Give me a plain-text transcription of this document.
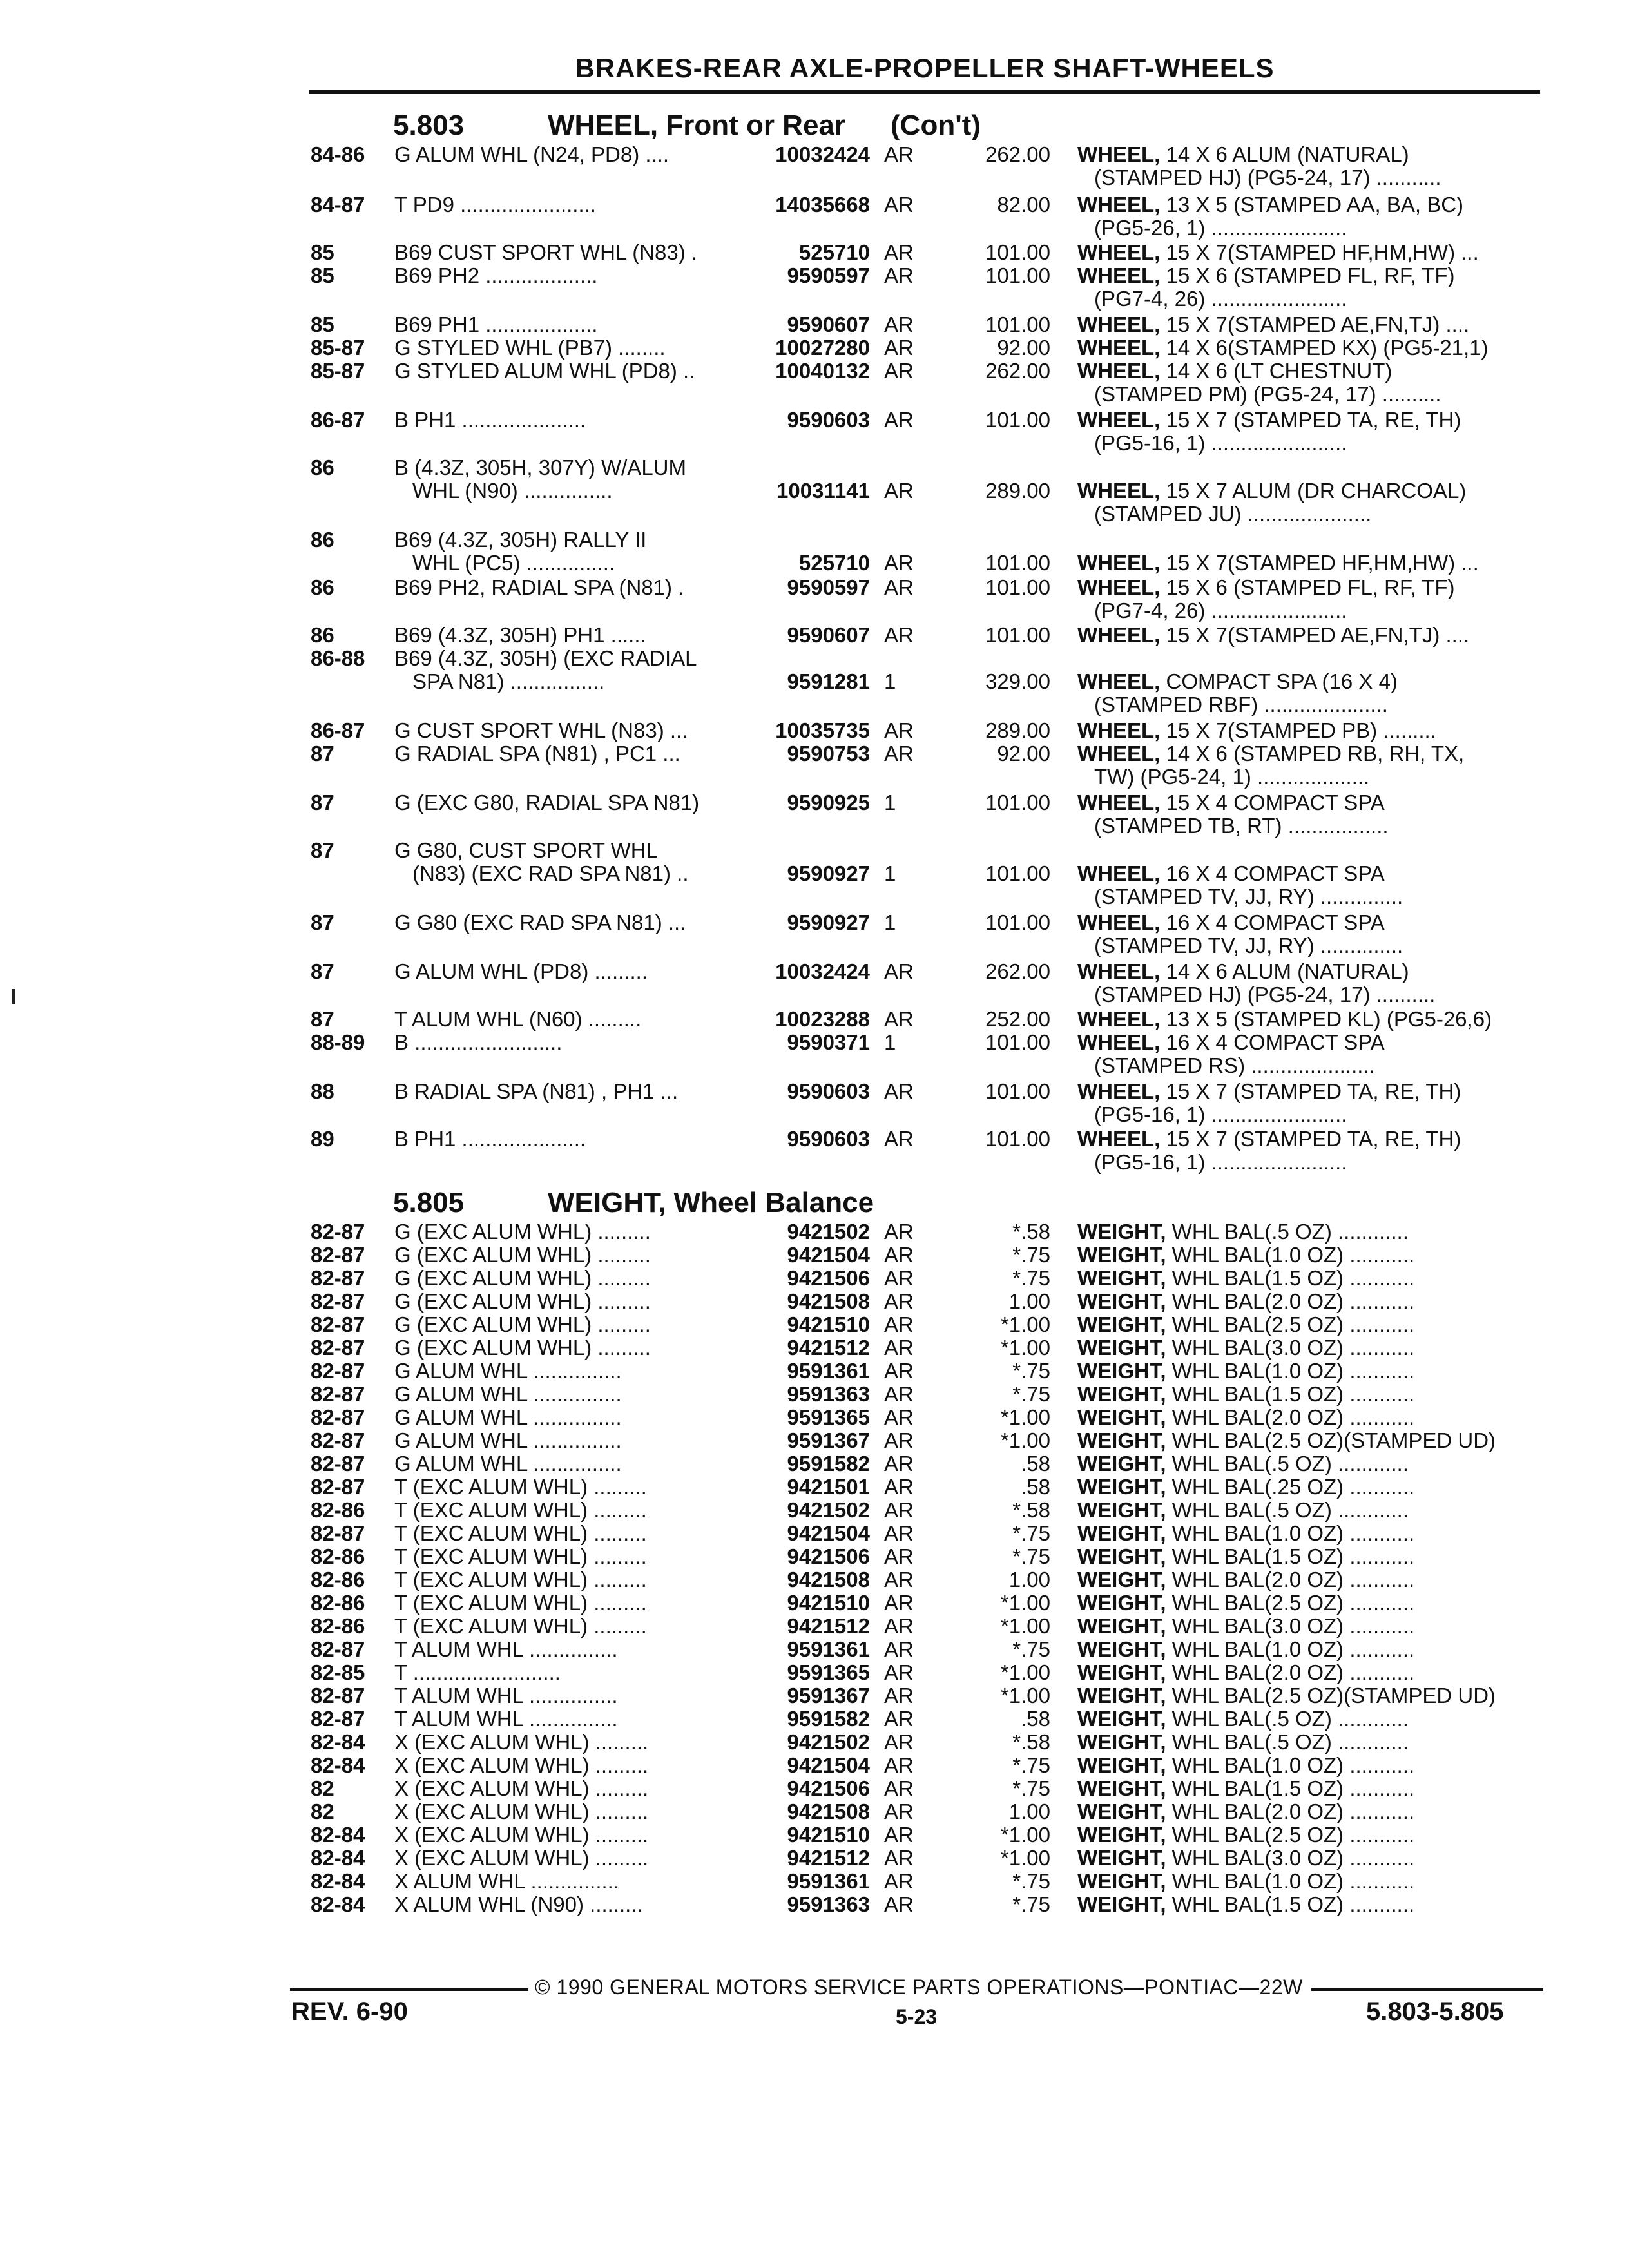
BRAKES-REAR AXLE-PROPELLER SHAFT-WHEELS
5.803	WHEEL, Front or Rear (Con't)
84-86 G ALUM WHL (N24, PD8) ....	10032424 AR	262.00 WHEEL, 14 X 6 ALUM (NATURAL)
(STAMPED HJ) (PG5-24, 17) ...........
84-87 T PD9 .......................	14035668 AR	82.00 WHEEL, 13 X 5 (STAMPED AA, BA, BC)
(PG5-26, 1) .......................
85	B69 CUST SPORT WHL (N83) .	525710 AR	101.00 WHEEL, 15 X 7(STAMPED HF,HM,HW) ...
85	B69 PH2 ...................	9590597 AR	101.00 WHEEL, 15 X 6 (STAMPED FL, RF, TF)
(PG7-4, 26) .......................
85	B69 PH1 ...................	9590607 AR	101.00 WHEEL, 15 X 7(STAMPED AE,FN,TJ) ....
85-87 G STYLED WHL (PB7) ........	10027280 AR	92.00 WHEEL, 14 X 6(STAMPED KX) (PG5-21,1)
85-87 G STYLED ALUM WHL (PD8) ..	10040132 AR	262.00 WHEEL, 14 X 6 (LT CHESTNUT)
(STAMPED PM) (PG5-24, 17) ..........
86-87 B PH1 .....................	9590603 AR	101.00 WHEEL, 15 X 7 (STAMPED TA, RE, TH)
(PG5-16, 1) .......................
86	B (4.3Z, 305H, 307Y) W/ALUM
WHL (N90) ...............	10031141 AR	289.00 WHEEL, 15 X 7 ALUM (DR CHARCOAL)
(STAMPED JU) .....................
86	B69 (4.3Z, 305H) RALLY II
WHL (PC5) ...............	525710 AR	101.00 WHEEL, 15 X 7(STAMPED HF,HM,HW) ...
86	B69 PH2, RADIAL SPA (N81) .	9590597 AR	101.00 WHEEL, 15 X 6 (STAMPED FL, RF, TF)
(PG7-4, 26) .......................
86	B69 (4.3Z, 305H) PH1 ......	9590607 AR	101.00 WHEEL, 15 X 7(STAMPED AE,FN,TJ) ....
86-88 B69 (4.3Z, 305H) (EXC RADIAL
SPA N81) ................	9591281 1	329.00 WHEEL, COMPACT SPA (16 X 4)
(STAMPED RBF) .....................
86-87 G CUST SPORT WHL (N83) ...	10035735 AR	289.00 WHEEL, 15 X 7(STAMPED PB) .........
87	G RADIAL SPA (N81) , PC1 ...	9590753 AR	92.00 WHEEL, 14 X 6 (STAMPED RB, RH, TX,
TW) (PG5-24, 1) ...................
87	G (EXC G80, RADIAL SPA N81)	9590925 1	101.00 WHEEL, 15 X 4 COMPACT SPA
(STAMPED TB, RT) .................
87	G G80, CUST SPORT WHL
(N83) (EXC RAD SPA N81) ..	9590927 1	101.00 WHEEL, 16 X 4 COMPACT SPA
(STAMPED TV, JJ, RY) ..............
87	G G80 (EXC RAD SPA N81) ...	9590927 1	101.00 WHEEL, 16 X 4 COMPACT SPA
(STAMPED TV, JJ, RY) ..............
87	G ALUM WHL (PD8) .........	10032424 AR	262.00 WHEEL, 14 X 6 ALUM (NATURAL)
(STAMPED HJ) (PG5-24, 17) ..........
87	T ALUM WHL (N60) .........	10023288 AR	252.00 WHEEL, 13 X 5 (STAMPED KL) (PG5-26,6)
88-89 B .........................	9590371 1	101.00 WHEEL, 16 X 4 COMPACT SPA
(STAMPED RS) .....................
88	B RADIAL SPA (N81) , PH1 ...	9590603 AR	101.00 WHEEL, 15 X 7 (STAMPED TA, RE, TH)
(PG5-16, 1) .......................
89	B PH1 .....................	9590603 AR	101.00 WHEEL, 15 X 7 (STAMPED TA, RE, TH)
(PG5-16, 1) .......................
5.805	WEIGHT, Wheel Balance
82-87 G (EXC ALUM WHL) .........	9421502 AR	*.58 WEIGHT, WHL BAL(.5 OZ) ............
82-87 G (EXC ALUM WHL) .........	9421504 AR	*.75 WEIGHT, WHL BAL(1.0 OZ) ...........
82-87 G (EXC ALUM WHL) .........	9421506 AR	*.75 WEIGHT, WHL BAL(1.5 OZ) ...........
82-87 G (EXC ALUM WHL) .........	9421508 AR	1.00 WEIGHT, WHL BAL(2.0 OZ) ...........
82-87 G (EXC ALUM WHL) .........	9421510 AR	*1.00 WEIGHT, WHL BAL(2.5 OZ) ...........
82-87 G (EXC ALUM WHL) .........	9421512 AR	*1.00 WEIGHT, WHL BAL(3.0 OZ) ...........
82-87 G ALUM WHL ...............	9591361 AR	*.75 WEIGHT, WHL BAL(1.0 OZ) ...........
82-87 G ALUM WHL ...............	9591363 AR	*.75 WEIGHT, WHL BAL(1.5 OZ) ...........
82-87 G ALUM WHL ...............	9591365 AR	*1.00 WEIGHT, WHL BAL(2.0 OZ) ...........
82-87 G ALUM WHL ...............	9591367 AR	*1.00 WEIGHT, WHL BAL(2.5 OZ)(STAMPED UD)
82-87 G ALUM WHL ...............	9591582 AR	.58 WEIGHT, WHL BAL(.5 OZ) ............
82-87 T (EXC ALUM WHL) .........	9421501 AR	.58 WEIGHT, WHL BAL(.25 OZ) ...........
82-86 T (EXC ALUM WHL) .........	9421502 AR	*.58 WEIGHT, WHL BAL(.5 OZ) ............
82-87 T (EXC ALUM WHL) .........	9421504 AR	*.75 WEIGHT, WHL BAL(1.0 OZ) ...........
82-86 T (EXC ALUM WHL) .........	9421506 AR	*.75 WEIGHT, WHL BAL(1.5 OZ) ...........
82-86 T (EXC ALUM WHL) .........	9421508 AR	1.00 WEIGHT, WHL BAL(2.0 OZ) ...........
82-86 T (EXC ALUM WHL) .........	9421510 AR	*1.00 WEIGHT, WHL BAL(2.5 OZ) ...........
82-86 T (EXC ALUM WHL) .........	9421512 AR	*1.00 WEIGHT, WHL BAL(3.0 OZ) ...........
82-87 T ALUM WHL ...............	9591361 AR	*.75 WEIGHT, WHL BAL(1.0 OZ) ...........
82-85 T .........................	9591365 AR	*1.00 WEIGHT, WHL BAL(2.0 OZ) ...........
82-87 T ALUM WHL ...............	9591367 AR	*1.00 WEIGHT, WHL BAL(2.5 OZ)(STAMPED UD)
82-87 T ALUM WHL ...............	9591582 AR	.58 WEIGHT, WHL BAL(.5 OZ) ............
82-84 X (EXC ALUM WHL) .........	9421502 AR	*.58 WEIGHT, WHL BAL(.5 OZ) ............
82-84 X (EXC ALUM WHL) .........	9421504 AR	*.75 WEIGHT, WHL BAL(1.0 OZ) ...........
82	X (EXC ALUM WHL) .........	9421506 AR	*.75 WEIGHT, WHL BAL(1.5 OZ) ...........
82	X (EXC ALUM WHL) .........	9421508 AR	1.00 WEIGHT, WHL BAL(2.0 OZ) ...........
82-84 X (EXC ALUM WHL) .........	9421510 AR	*1.00 WEIGHT, WHL BAL(2.5 OZ) ...........
82-84 X (EXC ALUM WHL) .........	9421512 AR	*1.00 WEIGHT, WHL BAL(3.0 OZ) ...........
82-84 X ALUM WHL ...............	9591361 AR	*.75 WEIGHT, WHL BAL(1.0 OZ) ...........
82-84 X ALUM WHL (N90) .........	9591363 AR	*.75 WEIGHT, WHL BAL(1.5 OZ) ...........
© 1990 GENERAL MOTORS SERVICE PARTS OPERATIONS—PONTIAC—22W
REV. 6-90	5-23	5.803-5.805
